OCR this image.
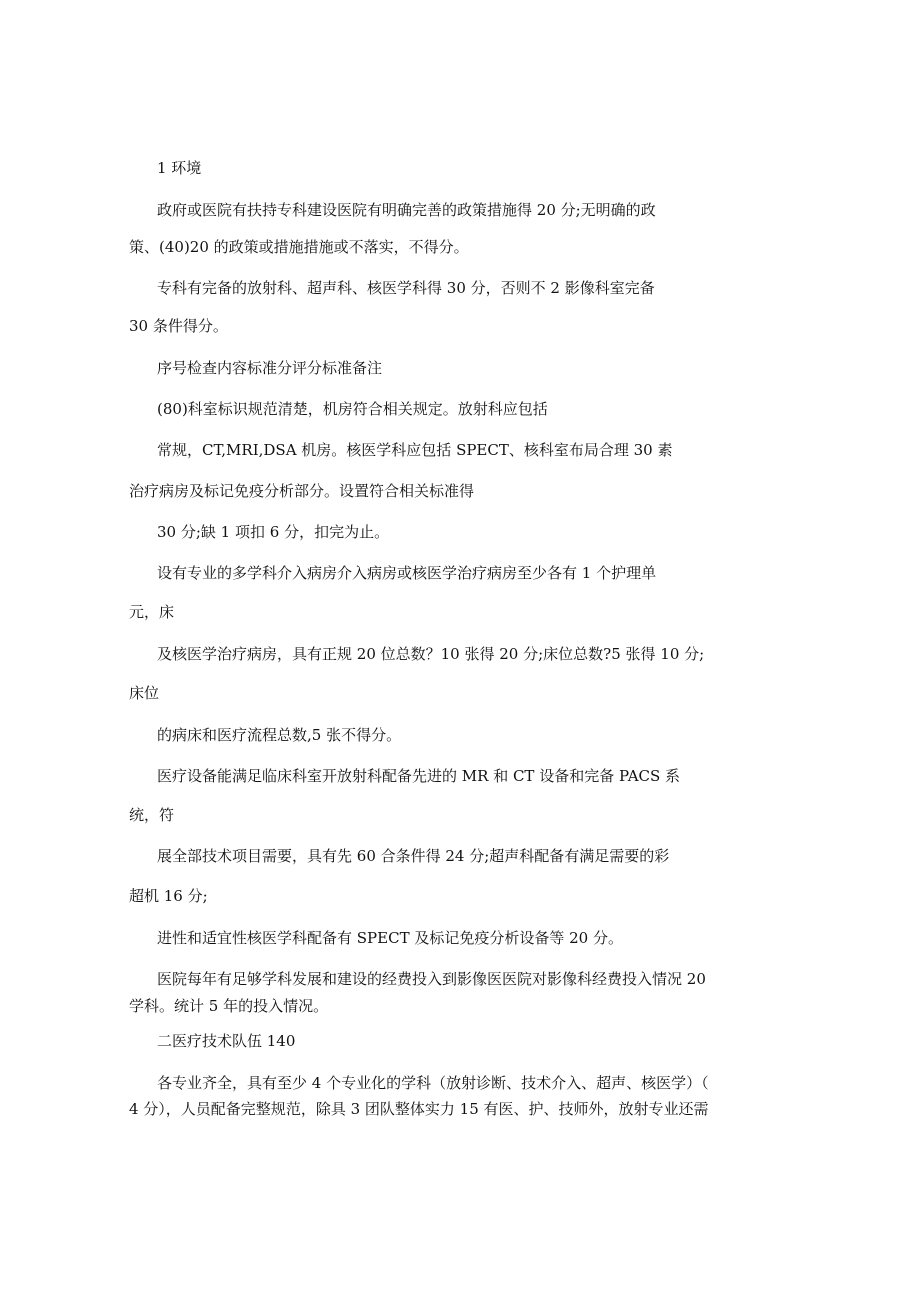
1 环境

政府或医院有扶持专科建设医院有明确完善的政策措施得 20 分;无明确的政

策、(40)20 的政策或措施措施或不落实，不得分。

专科有完备的放射科、超声科、核医学科得 30 分，否则不 2 影像科室完备

30 条件得分。

序号检查内容标准分评分标准备注

(80)科室标识规范清楚，机房符合相关规定。放射科应包括

常规，CT,MRI,DSA 机房。核医学科应包括 SPECT、核科室布局合理 30 素

治疗病房及标记免疫分析部分。设置符合相关标准得

30 分;缺 1 项扣 6 分，扣完为止。

设有专业的多学科介入病房介入病房或核医学治疗病房至少各有 1 个护理单

元，床

及核医学治疗病房，具有正规 20 位总数？10 张得 20 分;床位总数?5 张得 10 分;

床位

的病床和医疗流程总数,5 张不得分。

医疗设备能满足临床科室开放射科配备先进的 MR 和 CT 设备和完备 PACS 系

统，符

展全部技术项目需要，具有先 60 合条件得 24 分;超声科配备有满足需要的彩

超机 16 分;

进性和适宜性核医学科配备有 SPECT 及标记免疫分析设备等 20 分。

医院每年有足够学科发展和建设的经费投入到影像医医院对影像科经费投入情况 20

学科。统计 5 年的投入情况。

二医疗技术队伍 140

各专业齐全，具有至少 4 个专业化的学科（放射诊断、技术介入、超声、核医学）（

4 分），人员配备完整规范，除具 3 团队整体实力 15 有医、护、技师外，放射专业还需
